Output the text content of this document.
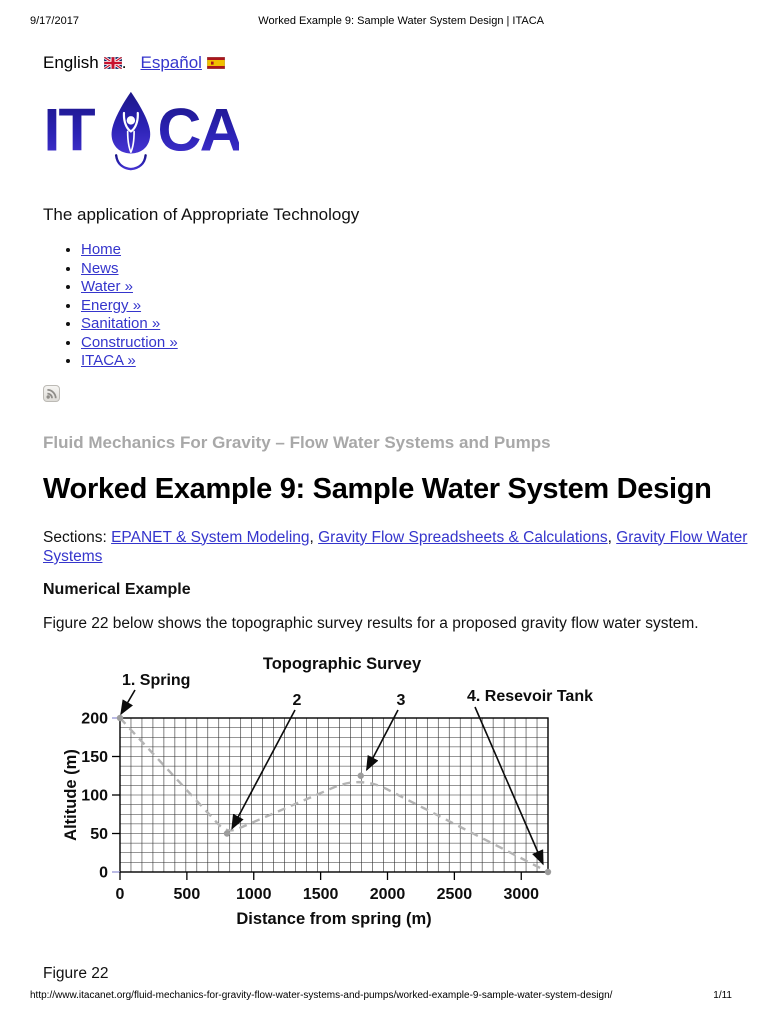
9/17/2017	Worked Example 9: Sample Water System Design | ITACA
English . Español
IT CA
The application of Appropriate Technology
• Home
• News
• Water »
• Energy »
• Sanitation »
• Construction »
• ITACA »
Fluid Mechanics For Gravity – Flow Water Systems and Pumps
Worked Example 9: Sample Water System Design
Sections: EPANET & System Modeling, Gravity Flow Spreadsheets & Calculations, Gravity Flow Water Systems
Numerical Example
Figure 22 below shows the topographic survey results for a proposed gravity flow water system.
0
50
100
150
200
0	500 1000 1500 2000 2500 3000
Altitude (m)
Distance from spring (m)
Topographic Survey
1. Spring
2	3	4. Resevoir Tank
Figure 22
http://www.itacanet.org/fluid-mechanics-for-gravity-flow-water-systems-and-pumps/worked-example-9-sample-water-system-design/	1/11
